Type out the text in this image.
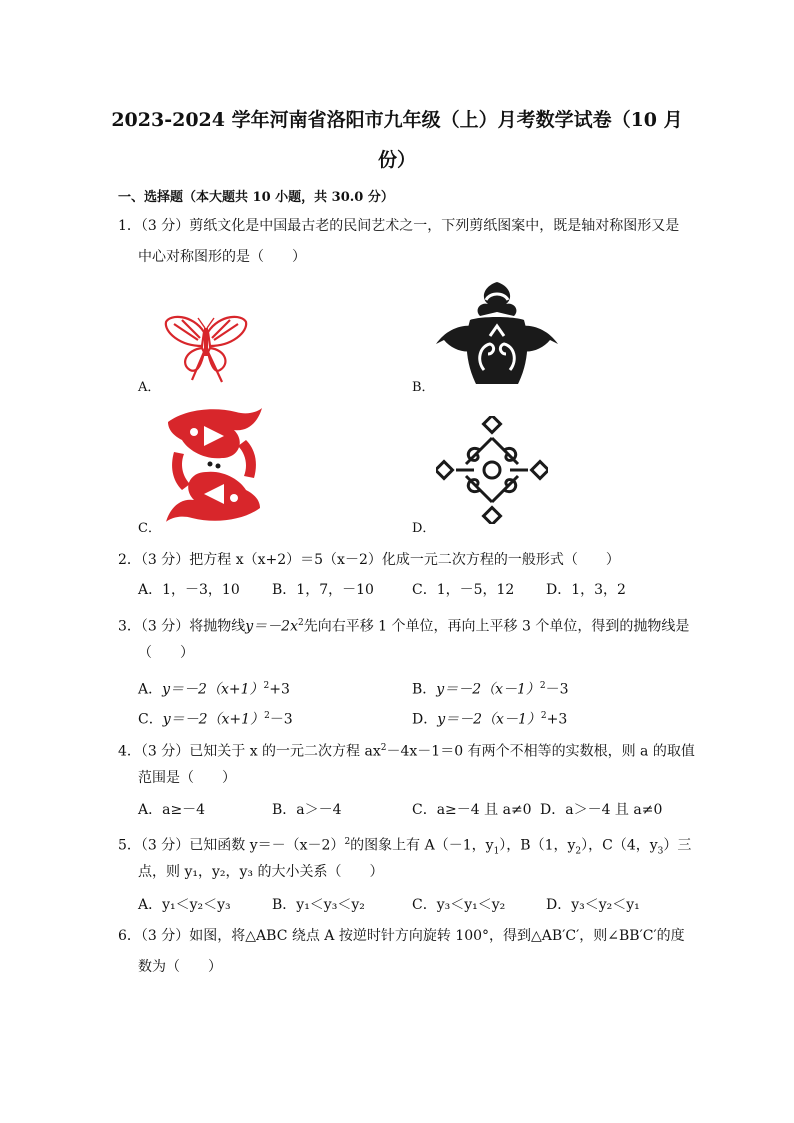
2023-2024 学年河南省洛阳市九年级（上）月考数学试卷（10 月
份）
一、选择题（本大题共 10 小题，共 30.0 分）
1．（3 分）剪纸文化是中国最古老的民间艺术之一，下列剪纸图案中，既是轴对称图形又是
中心对称图形的是（　　）
A．	B．
C．	D．
2．（3 分）把方程 x（x+2）＝5（x－2）化成一元二次方程的一般形式（　　）
A．1，－3，10 B．1，7，－10	C．1，－5，12 D．1，3，2
3．（3 分）将抛物线$y=-2x^2$先向右平移 1 个单位，再向上平移 3 个单位，得到的抛物线是
（　　）
A．$y=-2(x+1)^2+3$	B．$y=-2(x-1)^2-3$
C．$y=-2(x+1)^2-3$	D．$y=-2(x-1)^2+3$
4．（3 分）已知关于 x 的一元二次方程 $ax^2-4x-1=0$ 有两个不相等的实数根，则 a 的取值
范围是（　　）
A．a≥－4	B．a＞－4	C．a≥－4 且 a≠0 D．a＞－4 且 a≠0
5．（3 分）已知函数 $y=-(x-2)^2$的图象上有 A（－1，$y_1$），B（1，$y_2$），C（4，$y_3$）三
点，则 y₁，y₂，y₃ 的大小关系（　　）
A．y₁＜y₂＜y₃	B．y₁＜y₃＜y₂	C．y₃＜y₁＜y₂	D．y₃＜y₂＜y₁
6．（3 分）如图，将△ABC 绕点 A 按逆时针方向旋转 100°，得到△AB′C′，则∠BB′C′的度
数为（　　）
